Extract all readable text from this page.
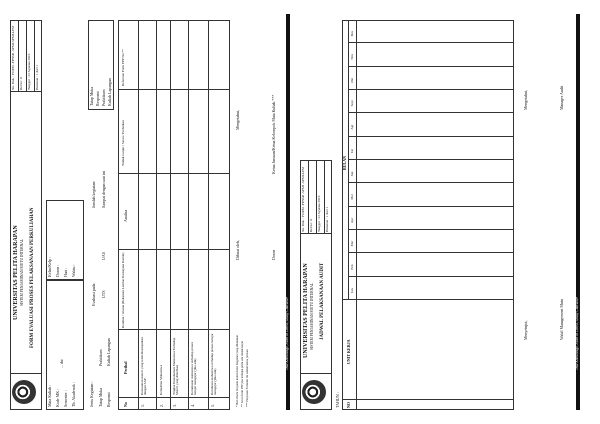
UNIVERSITAS PELITA HARAPAN SISTEM PENJAMINAN MUTU INTERNAL FORM EVALUASI PROSES PELAKSANAAN PERKULIAHAN
No. Dok. : FORM -FPNSR -SPMI-SPMI-LPM Revisi : 0 Tanggal : 22 Agustus 2016 Halaman : 1 dari 1
Mata Kuliah : Kode MK : Semester : Th. Akademik :
... dst
Kelas/Kelp : Dosen : Hari : Waktu :
Jenis Kegiatan : Tatap Muka Responsi
Praktikum Kuliah Lapangan
Evaluasi pada: UTS
UAS
Jumlah kegiatan: Sampai dengan saat ini
Tatap Muka Responsi Praktikum Kuliah Lapangan
No
Perihal
Kendala / Alasan (Rekaman Lembar Kemajuan Kuliah)
Analisa
Tindak Lanjut / Saran / Perbaikan
Referensi Form PPP No **
1.
Kesesuaian materi yang telah disampaikan dengan SAP
2.
Kehadiran Mahasiswa
3.
Tingkat Pemahaman Mahasiswa Terhadap Materi yang diberikan
4.
Ketuntasan mahasiswa terhadap proses belajar mengajar (jika ada)
5.
Kelulusan mahasiswa terhadap proses belajar mengajar (jika ada)	* Beri check list pada kolom Jenis Kegiatan yang dilakukan ** Isi no form PPP jika terdapat perlu ada tindak lanjut *** Penyusun Formulir ini adalah ketua jurusan
Dibuat oleh,
Mengetahui,
Dosen
Ketua Jurusan/Ketua Kelompok Mata Kuliah ***
True Knowledge, Faith in Christ, Godly Character UNIVERSITAS PELITA HARAPAN SISTEM PENJAMINAN MUTU INTERNAL JADWAL PELAKSANAAN AUDIT
No. Dok. : FORM -FPNSR -SPMI -SPMI-LPM Revisi : 0 Tanggal : 22 Agustus 2016 Halaman : 1 dari 1
TAHUN : NO
UNIT KERJA
BULAN
Jan
Feb
Mar
Apr
Mei
Jun
Jul
Agt
Sept
Okt
Nov
Des
Menyetujui,
Mengetahui,
Wakil Management Mutu
Manager Audit
True Knowledge, Faith in Christ, Godly Character
